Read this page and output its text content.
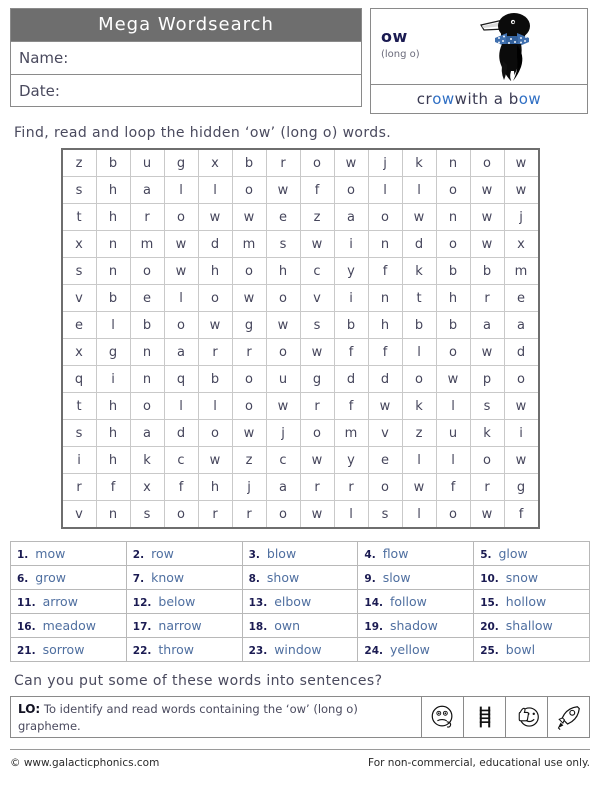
Mega Wordsearch
Name:
Date:
ow
(long o)
cr ow with a b ow
Find, read and loop the hidden ‘ow’ (long o) words.
z	b	u	g	x	b	r	o	w	j	k	n	o	w
s	h	a	l	l	o	w	f	o	l	l	o	w	w
t	h	r	o	w	w	e	z	a	o	w	n	w	j
x	n	m	w	d	m	s	w	i	n	d	o	w	x
s	n	o	w	h	o	h	c	y	f	k	b	b	m
v	b	e	l	o	w	o	v	i	n	t	h	r	e
e	l	b	o	w	g	w	s	b	h	b	b	a	a
x	g	n	a	r	r	o	w	f	f	l	o	w	d
q	i	n	q	b	o	u	g	d	d	o	w	p	o
t	h	o	l	l	o	w	r	f	w	k	l	s	w
s	h	a	d	o	w	j	o	m	v	z	u	k	i
i	h	k	c	w	z	c	w	y	e	l	l	o	w
r	f	x	f	h	j	a	r	r	o	w	f	r	g
v	n	s	o	r	r	o	w	l	s	l	o	w	f
1. mow	2. row	3. blow	4. flow	5. glow
6. grow	7. know	8. show	9. slow	10. snow
11. arrow	12. below	13. elbow	14. follow	15. hollow
16. meadow	17. narrow	18. own	19. shadow	20. shallow
21. sorrow	22. throw	23. window	24. yellow	25. bowl
Can you put some of these words into sentences?
LO: To identify and read words containing the ‘ow’ (long o) grapheme.
© www.galacticphonics.com	For non-commercial, educational use only.
